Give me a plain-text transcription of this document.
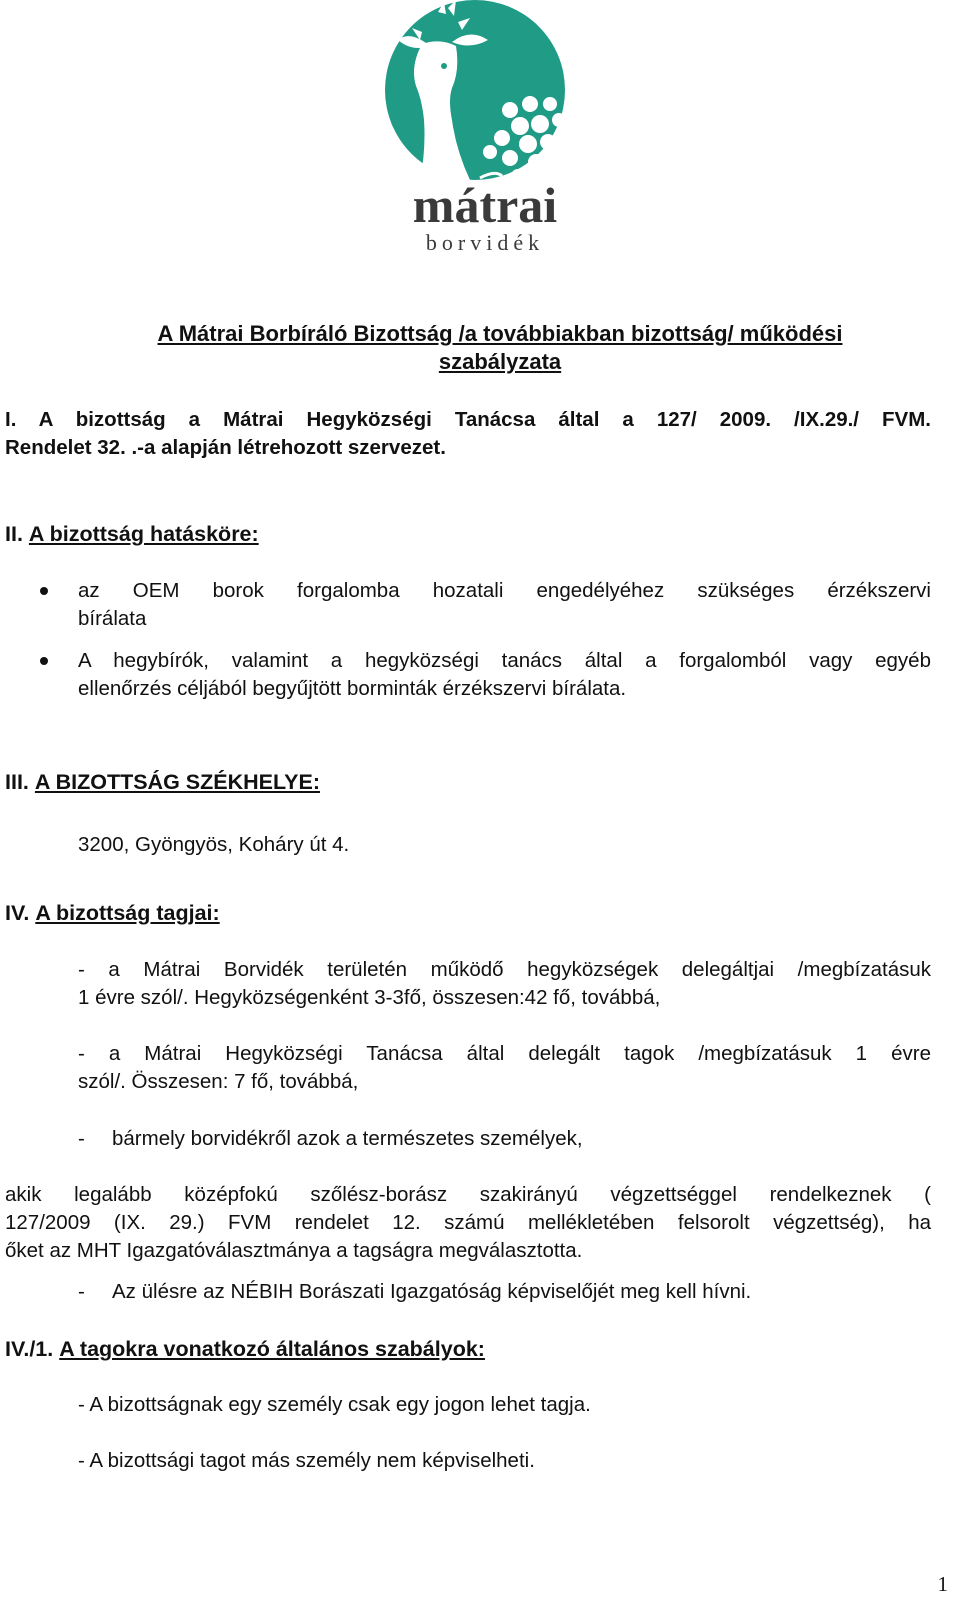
mátrai
borvidék
A Mátrai Borbíráló Bizottság /a továbbiakban bizottság/ működési
szabályzata
I. A bizottság a Mátrai Hegyközségi Tanácsa által a 127/ 2009. /IX.29./ FVM.
Rendelet 32. .-a alapján létrehozott szervezet.
II. A bizottság hatásköre:
az OEM borok forgalomba hozatali engedélyéhez szükséges érzékszervi
bírálata
A hegybírók, valamint a hegyközségi tanács által a forgalomból vagy egyéb
ellenőrzés céljából begyűjtött borminták érzékszervi bírálata.
III. A BIZOTTSÁG SZÉKHELYE:
3200, Gyöngyös, Koháry út 4.
IV. A bizottság tagjai:
- a Mátrai Borvidék területén működő hegyközségek delegáltjai /megbízatásuk
1 évre szól/. Hegyközségenként 3-3fő, összesen:42 fő, továbbá,
- a Mátrai Hegyközségi Tanácsa által delegált tagok /megbízatásuk 1 évre
szól/. Összesen: 7 fő, továbbá,
- bármely borvidékről azok a természetes személyek,
akik legalább középfokú szőlész-borász szakirányú végzettséggel rendelkeznek (
127/2009 (IX. 29.) FVM rendelet 12. számú mellékletében felsorolt végzettség), ha
őket az MHT Igazgatóválasztmánya a tagságra megválasztotta.
- Az ülésre az NÉBIH Borászati Igazgatóság képviselőjét meg kell hívni.
IV./1. A tagokra vonatkozó általános szabályok:
- A bizottságnak egy személy csak egy jogon lehet tagja.
- A bizottsági tagot más személy nem képviselheti.
1
